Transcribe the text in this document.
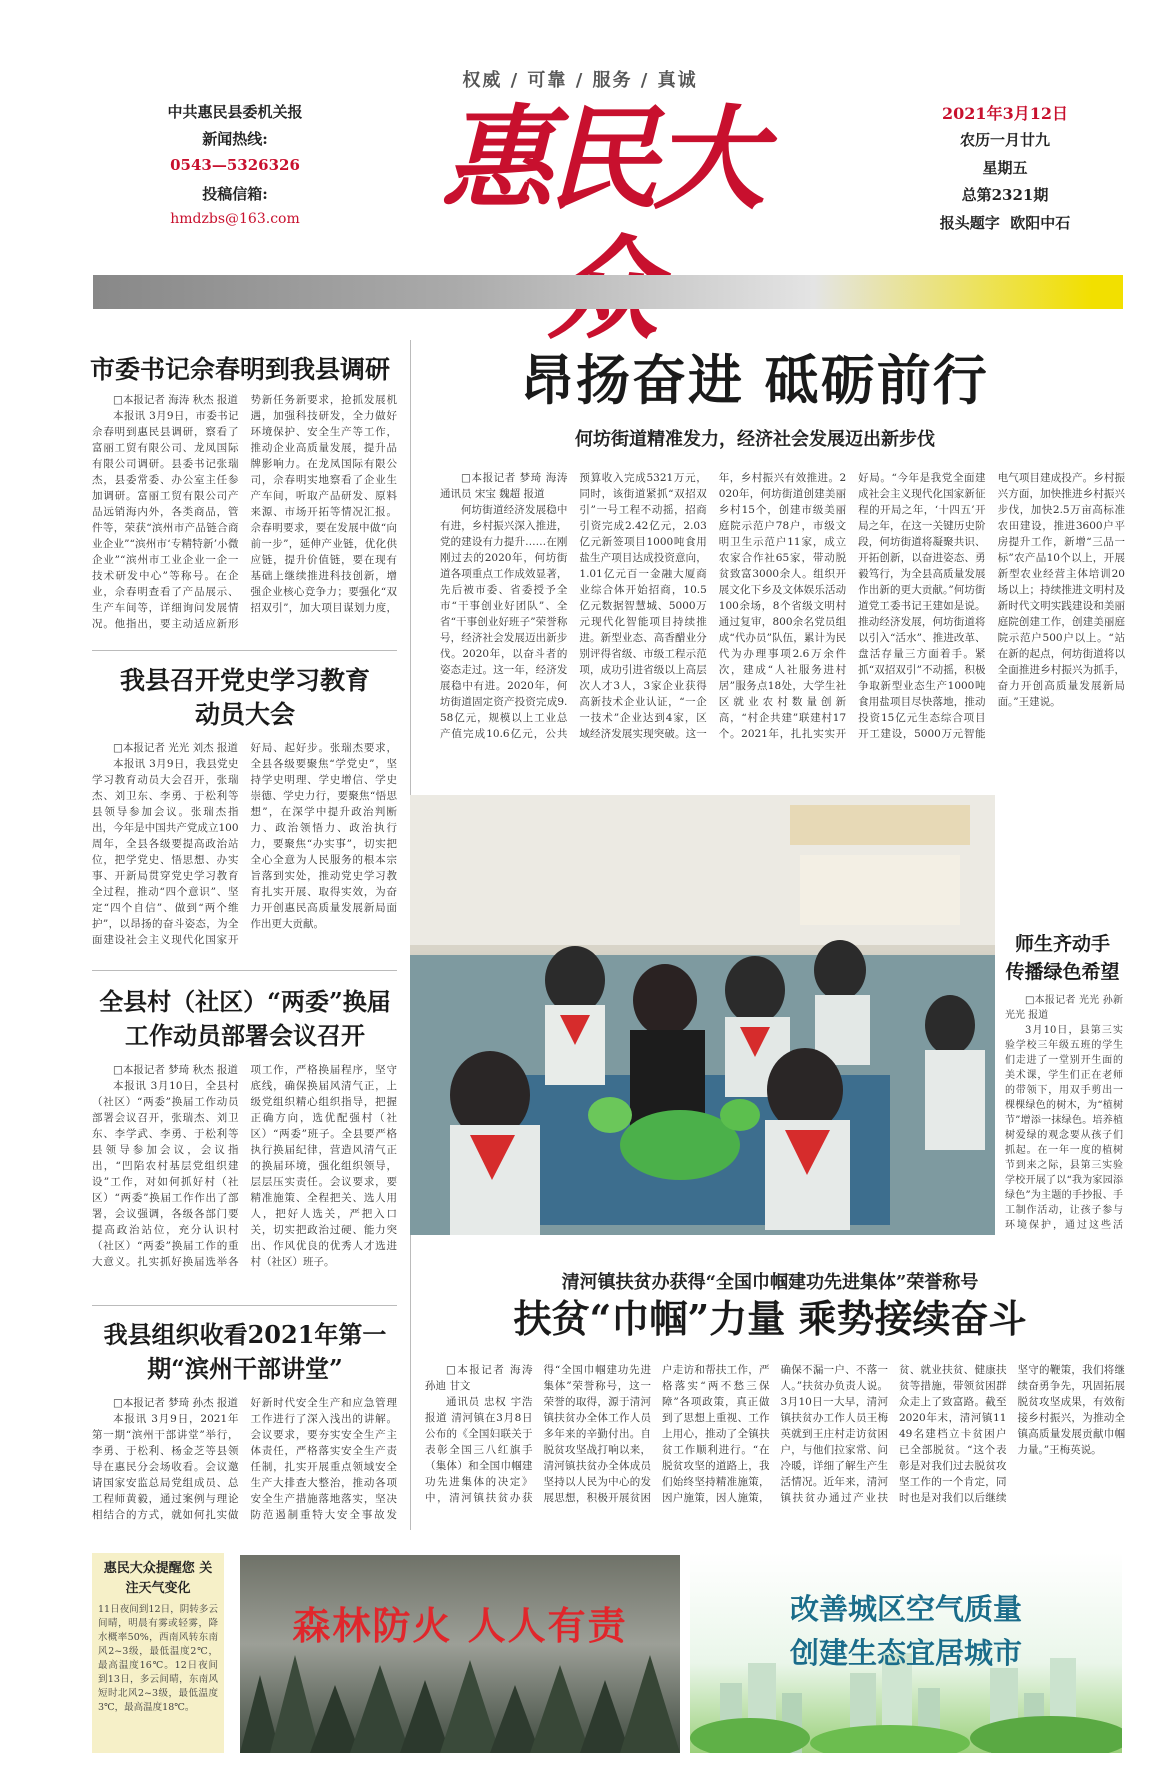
权威 / 可靠 / 服务 / 真诚
中共惠民县委机关报
新闻热线:
0543—5326326
投稿信箱:
hmdzbs@163.com	惠民大	2021年3月12日
农历一月廿九
星期五
总第2321期
报头题字  欧阳中石
市委书记佘春明到我县调研
□本报记者 海涛 秋杰 报道

本报讯 3月9日，市委书记佘春明到惠民县调研，察看了富丽工贸有限公司、龙凤国际有限公司调研。县委书记张瑞杰，县委常委、办公室主任参加调研。富丽工贸有限公司产品远销海内外，各类商品，管件等，荣获“滨州市产品链合商业企业”“滨州市‘专精特新’小微企业”“滨州市工业企业一企一技术研发中心”等称号。在企业，佘春明查看了产品展示、生产车间等，详细询问发展情况。他指出，要主动适应新形势新任务新要求，抢抓发展机遇，加强科技研发，全力做好环境保护、安全生产等工作，推动企业高质量发展，提升品牌影响力。在龙凤国际有限公司，佘春明实地察看了企业生产车间，听取产品研发、原料来源、市场开拓等情况汇报。佘春明要求，要在发展中做“向前一步”，延伸产业链，优化供应链，提升价值链，要在现有基础上继续推进科技创新，增强企业核心竞争力；要强化“双招双引”，加大项目谋划力度，

我县召开党史学习教育动员大会
□本报记者 光光 刘杰 报道

本报讯 3月9日，我县党史学习教育动员大会召开，张瑞杰、刘卫东、李勇、于松利等县领导参加会议。张瑞杰指出，今年是中国共产党成立100周年，全县各级要提高政治站位，把学党史、悟思想、办实事、开新局贯穿党史学习教育全过程，推动“四个意识”、坚定“四个自信”、做到“两个维护”，以昂扬的奋斗姿态，为全面建设社会主义现代化国家开好局、起好步。张瑞杰要求，全县各级要聚焦“学党史”，坚持学史明理、学史增信、学史崇德、学史力行，要聚焦“悟思想”，在深学中提升政治判断力、政治领悟力、政治执行力，要聚焦“办实事”，切实把全心全意为人民服务的根本宗旨落到实处，推动党史学习教育扎实开展、取得实效，为奋力开创惠民高质量发展新局面作出更大贡献。

全县村（社区）“两委”换届工作动员部署会议召开
□本报记者 梦琦 秋杰 报道

本报讯 3月10日，全县村（社区）“两委”换届工作动员部署会议召开，张瑞杰、刘卫东、李学武、李勇、于松利等县领导参加会议，会议指出，“凹陷农村基层党组织建设”工作，对如何抓好村（社区）“两委”换届工作作出了部署，会议强调，各级各部门要提高政治站位，充分认识村（社区）“两委”换届工作的重大意义。扎实抓好换届选举各项工作，严格换届程序，坚守底线，确保换届风清气正，上级党组织精心组织指导，把握正确方向，选优配强村（社区）“两委”班子。全县要严格执行换届纪律，营造风清气正的换届环境，强化组织领导，层层压实责任。会议要求，要精准施策、全程把关、选人用人，把好人选关，严把入口关，切实把政治过硬、能力突出、作风优良的优秀人才选进村（社区）班子。

我县组织收看2021年第一期“滨州干部讲堂”
□本报记者 梦琦 孙杰 报道

本报讯 3月9日，2021年第一期“滨州干部讲堂”举行，李勇、于松利、杨金芝等县领导在惠民分会场收看。会议邀请国家安监总局党组成员、总工程师黄毅，通过案例与理论相结合的方式，就如何扎实做好新时代安全生产和应急管理工作进行了深入浅出的讲解。会议要求，要夯实安全生产主体责任，严格落实安全生产责任制，扎实开展重点领域安全生产大排查大整治，推动各项安全生产措施落地落实，坚决防范遏制重特大安全事故发

昂扬奋进 砥砺前行
何坊街道精准发力，经济社会发展迈出新步伐
□本报记者 梦琦 海涛 通讯员 宋宝 魏超 报道

何坊街道经济发展稳中有进，乡村振兴深入推进，党的建设有力提升……在刚刚过去的2020年，何坊街道各项重点工作成效显著，先后被市委、省委授予全市“干事创业好团队”、全省“干事创业好班子”荣誉称号，经济社会发展迈出新步伐。2020年，以奋斗者的姿态走过。这一年，经济发展稳中有进。2020年，何坊街道固定资产投资完成9.58亿元，规模以上工业总产值完成10.6亿元，公共预算收入完成5321万元，同时，该街道紧抓“双招双引”一号工程不动摇，招商引资完成2.42亿元，2.03亿元新签项目1000吨食用盐生产项目达成投资意向，1.01亿元百一金融大厦商业综合体开始招商，10.5亿元数据智慧城、5000万元现代化智能项目持续推进。新型业态、高香醋业分别评得省级、市级工程示范项，成功引进省级以上高层次人才3人，3家企业获得高新技术企业认证，“一企一技术”企业达到4家，区域经济发展实现突破。这一年，乡村振兴有效推进。2020年，何坊街道创建美丽乡村15个，创建市级美丽庭院示范户78户，市级文明卫生示范户11家，成立农家合作社65家，带动脱贫致富3000余人。组织开展文化下乡及文体娱乐活动100余场，8个省级文明村通过复审，800余名党员组成“代办员”队伍，累计为民代为办理事项2.6万余件次，建成“人社服务进村居”服务点18处，大学生社区就业农村数量创新高，“村企共建”联建村17个。2021年，扎扎实实开好局。“今年是我党全面建成社会主义现代化国家新征程的开局之年，‘十四五’开局之年，在这一关键历史阶段，何坊街道将凝聚共识、开拓创新，以奋进姿态、勇毅笃行，为全县高质量发展作出新的更大贡献。”何坊街道党工委书记王建如是说。推动经济发展，何坊街道将以引入“活水”、推进改革、盘活存量三方面着手。紧抓“双招双引”不动摇，积极争取新型业态生产1000吨食用盐项目尽快落地，推动投资15亿元生态综合项目开工建设，5000万元智能电气项目建成投产。乡村振兴方面，加快推进乡村振兴步伐，加快2.5万亩高标准农田建设，推进3600户平房提升工作，新增“三品一标”农产品10个以上，开展新型农业经营主体培训20场以上；持续推进文明村及新时代文明实践建设和美丽庭院创建工作，创建美丽庭院示范户500户以上。“站在新的起点，何坊街道将以全面推进乡村振兴为抓手，奋力开创高质量发展新局面。”王建说。

师生齐动手 传播绿色希望
□本报记者 光光 孙新 光光 报道

3月10日，县第三实验学校三年级五班的学生们走进了一堂别开生面的美术课，学生们正在老师的带领下，用双手剪出一棵棵绿色的树木，为“植树节”增添一抹绿色。培养植树爱绿的观念要从孩子们抓起。在一年一度的植树节到来之际，县第三实验学校开展了以“我为家园添绿色”为主题的手抄报、手工制作活动，让孩子参与环境保护，通过这些活

清河镇扶贫办获得“全国巾帼建功先进集体”荣誉称号
扶贫“巾帼”力量 乘势接续奋斗
□本报记者 海涛 孙迪 甘文

通讯员 忠权 宇浩 报道 清河镇在3月8日公布的《全国妇联关于表彰全国三八红旗手（集体）和全国巾帼建功先进集体的决定》中，清河镇扶贫办获得“全国巾帼建功先进集体”荣誉称号，这一荣誉的取得，源于清河镇扶贫办全体工作人员多年来的辛勤付出。自脱贫攻坚战打响以来，清河镇扶贫办全体成员坚持以人民为中心的发展思想，积极开展贫困户走访和帮扶工作，严格落实“两不愁三保障”各项政策，真正做到了思想上重视、工作上用心，推动了全镇扶贫工作顺利进行。“在脱贫攻坚的道路上，我们始终坚持精准施策，因户施策，因人施策，确保不漏一户、不落一人。”扶贫办负责人说。3月10日一大早，清河镇扶贫办工作人员王梅英就到王庄村走访贫困户，与他们拉家常、问冷暖，详细了解生产生活情况。近年来，清河镇扶贫办通过产业扶贫、就业扶贫、健康扶贫等措施，带领贫困群众走上了致富路。截至2020年末，清河镇1149名建档立卡贫困户已全部脱贫。“这个表彰是对我们过去脱贫攻坚工作的一个肯定，同时也是对我们以后继续坚守的鞭策，我们将继续奋勇争先，巩固拓展脱贫攻坚成果，有效衔接乡村振兴，为推动全镇高质量发展贡献巾帼力量。”王梅英说。

惠民大众提醒您 关注天气变化
11日夜间到12日，阴转多云间晴，明晨有雾或轻雾，降水概率50%，西南风转东南风2~3级，最低温度2℃，最高温度16℃。12日夜间到13日，多云间晴，东南风短时北风2~3级，最低温度3℃，最高温度18℃。
森林防火 人人有责	改善城区空气质量
创建生态宜居城市
